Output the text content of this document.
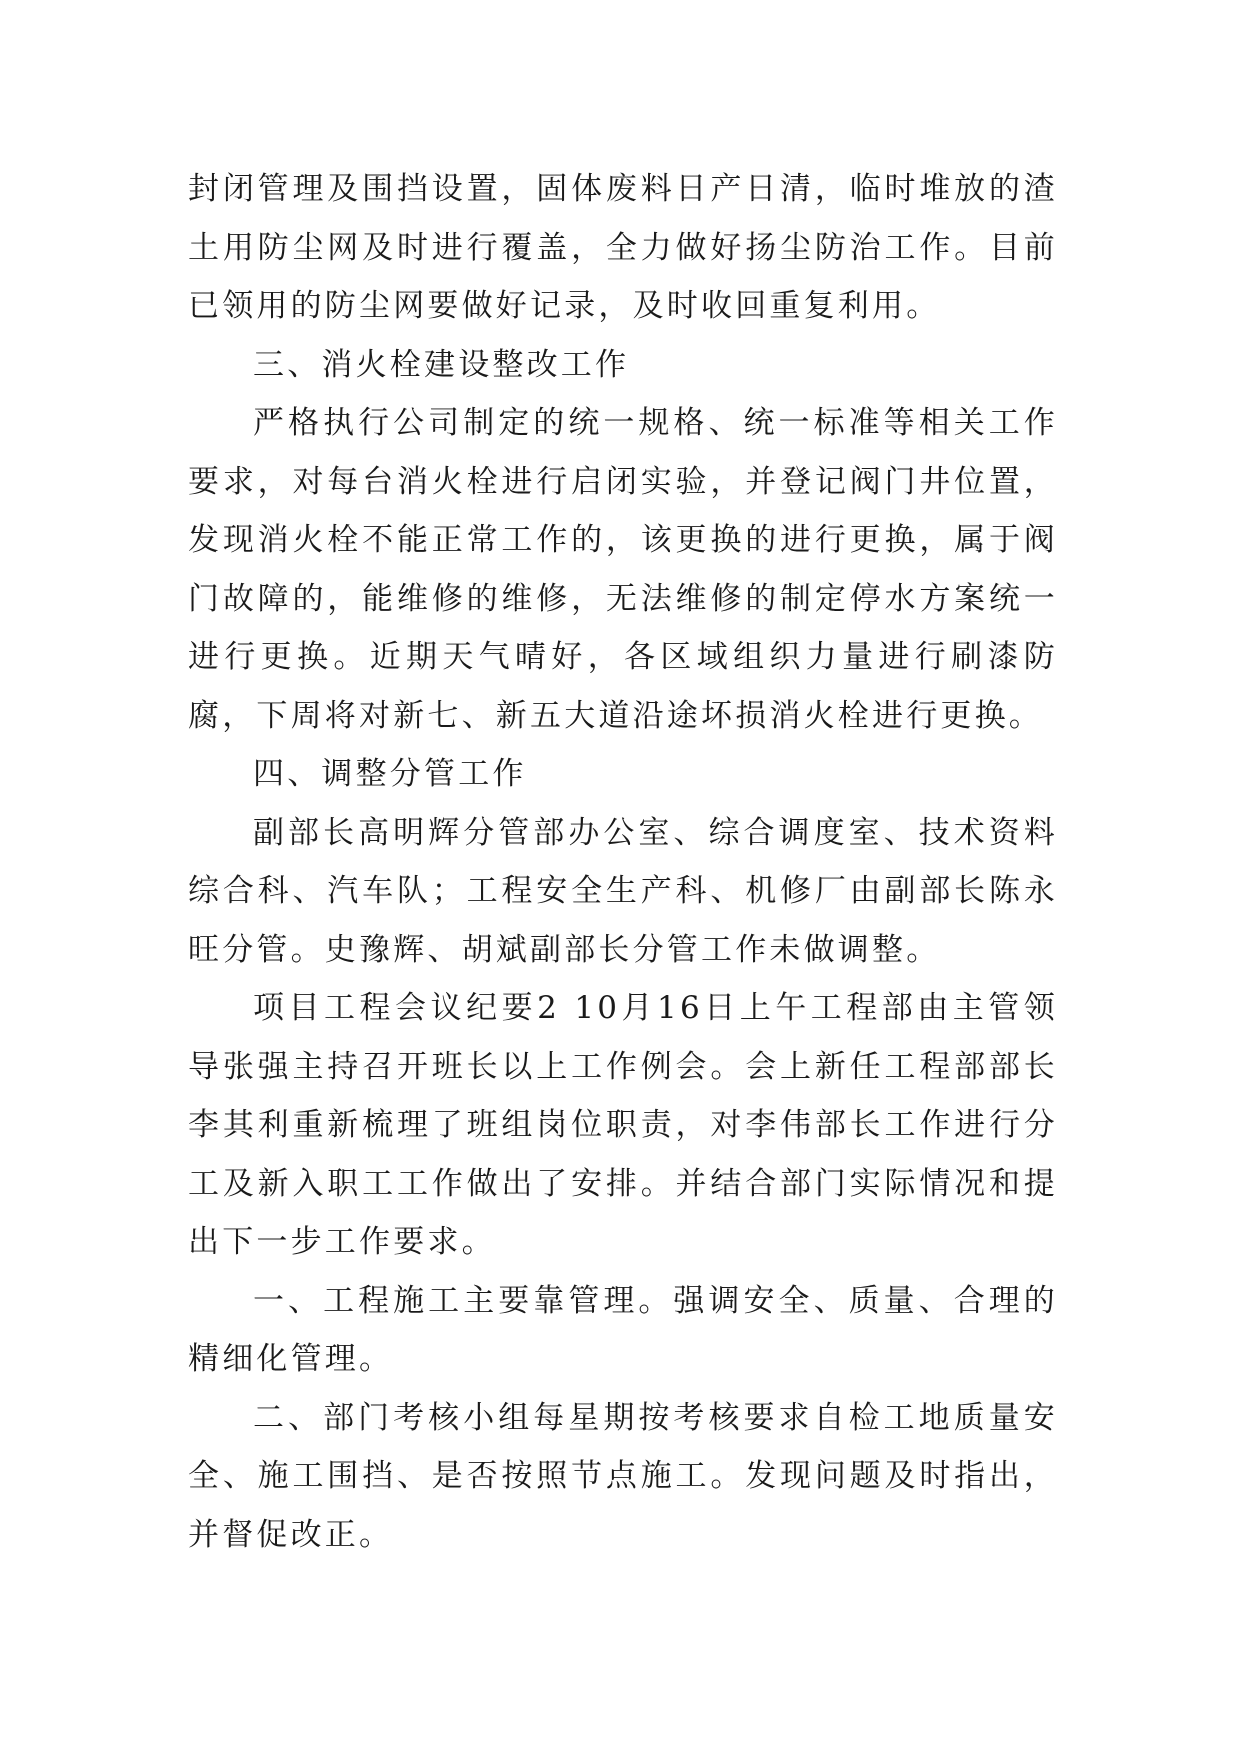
封闭管理及围挡设置，固体废料日产日清，临时堆放的渣土用防尘网及时进行覆盖，全力做好扬尘防治工作。目前已领用的防尘网要做好记录，及时收回重复利用。

三、消火栓建设整改工作

严格执行公司制定的统一规格、统一标准等相关工作要求，对每台消火栓进行启闭实验，并登记阀门井位置，发现消火栓不能正常工作的，该更换的进行更换，属于阀门故障的，能维修的维修，无法维修的制定停水方案统一进行更换。近期天气晴好，各区域组织力量进行刷漆防腐，下周将对新七、新五大道沿途坏损消火栓进行更换。

四、调整分管工作

副部长高明辉分管部办公室、综合调度室、技术资料综合科、汽车队；工程安全生产科、机修厂由副部长陈永旺分管。史豫辉、胡斌副部长分管工作未做调整。

项目工程会议纪要2 10月16日上午工程部由主管领导张强主持召开班长以上工作例会。会上新任工程部部长李其利重新梳理了班组岗位职责，对李伟部长工作进行分工及新入职工工作做出了安排。并结合部门实际情况和提出下一步工作要求。

一、工程施工主要靠管理。强调安全、质量、合理的精细化管理。

二、部门考核小组每星期按考核要求自检工地质量安全、施工围挡、是否按照节点施工。发现问题及时指出，并督促改正。
